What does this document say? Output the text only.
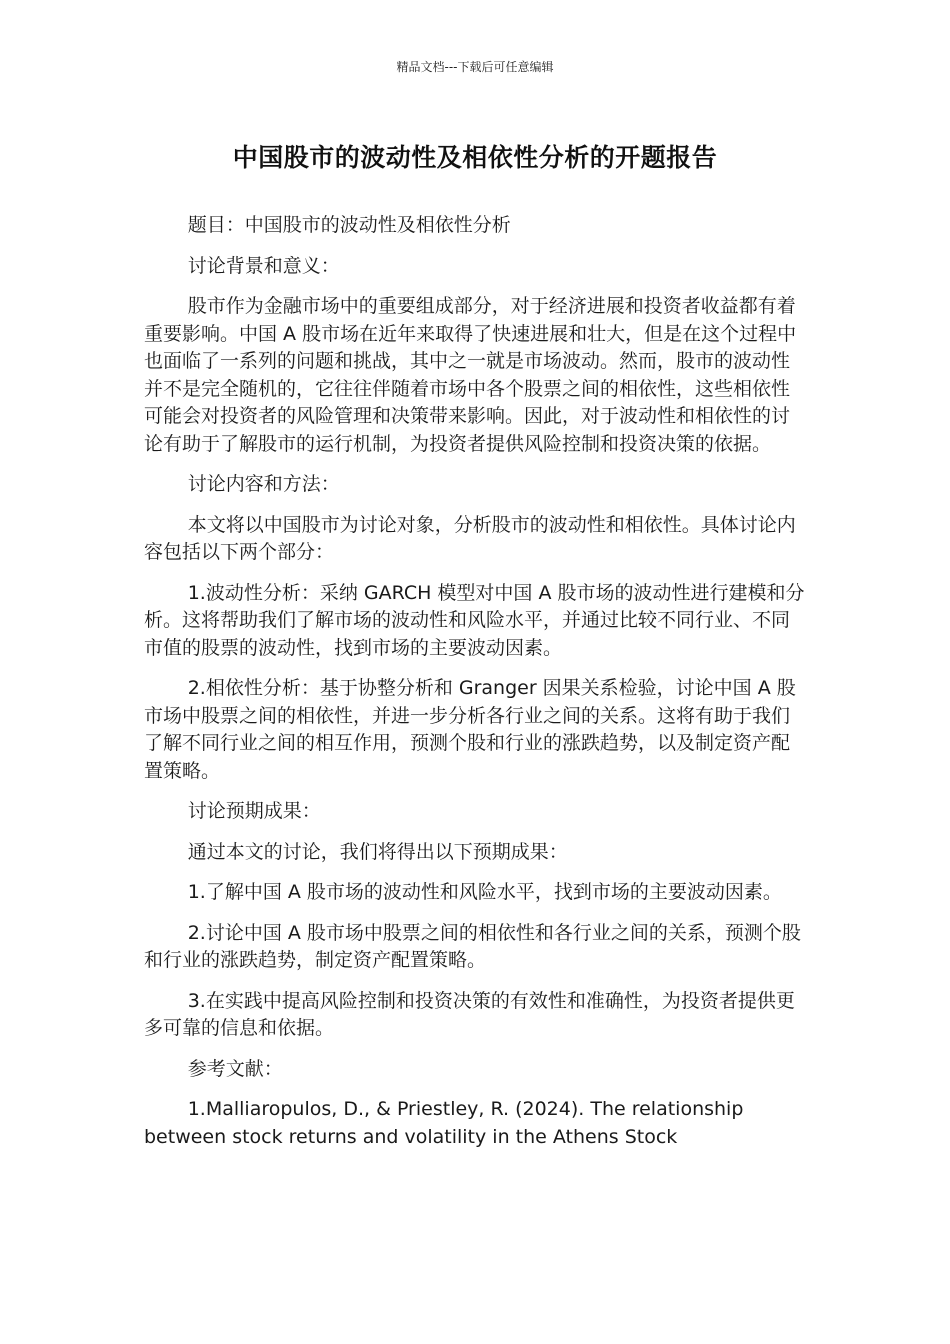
精品文档---下载后可任意编辑
中国股市的波动性及相依性分析的开题报告

题目：中国股市的波动性及相依性分析

讨论背景和意义：

股市作为金融市场中的重要组成部分，对于经济进展和投资者收益都有着重要影响。中国 A 股市场在近年来取得了快速进展和壮大，但是在这个过程中也面临了一系列的问题和挑战，其中之一就是市场波动。然而，股市的波动性并不是完全随机的，它往往伴随着市场中各个股票之间的相依性，这些相依性可能会对投资者的风险管理和决策带来影响。因此，对于波动性和相依性的讨论有助于了解股市的运行机制，为投资者提供风险控制和投资决策的依据。

讨论内容和方法：

本文将以中国股市为讨论对象，分析股市的波动性和相依性。具体讨论内容包括以下两个部分：

1.波动性分析：采纳 GARCH 模型对中国 A 股市场的波动性进行建模和分析。这将帮助我们了解市场的波动性和风险水平，并通过比较不同行业、不同市值的股票的波动性，找到市场的主要波动因素。

2.相依性分析：基于协整分析和 Granger 因果关系检验，讨论中国 A 股市场中股票之间的相依性，并进一步分析各行业之间的关系。这将有助于我们了解不同行业之间的相互作用，预测个股和行业的涨跌趋势，以及制定资产配置策略。

讨论预期成果：

通过本文的讨论，我们将得出以下预期成果：

1.了解中国 A 股市场的波动性和风险水平，找到市场的主要波动因素。

2.讨论中国 A 股市场中股票之间的相依性和各行业之间的关系，预测个股和行业的涨跌趋势，制定资产配置策略。

3.在实践中提高风险控制和投资决策的有效性和准确性，为投资者提供更多可靠的信息和依据。

参考文献：

1.Malliaropulos, D., & Priestley, R. (2024). The relationship between stock returns and volatility in the Athens Stock
